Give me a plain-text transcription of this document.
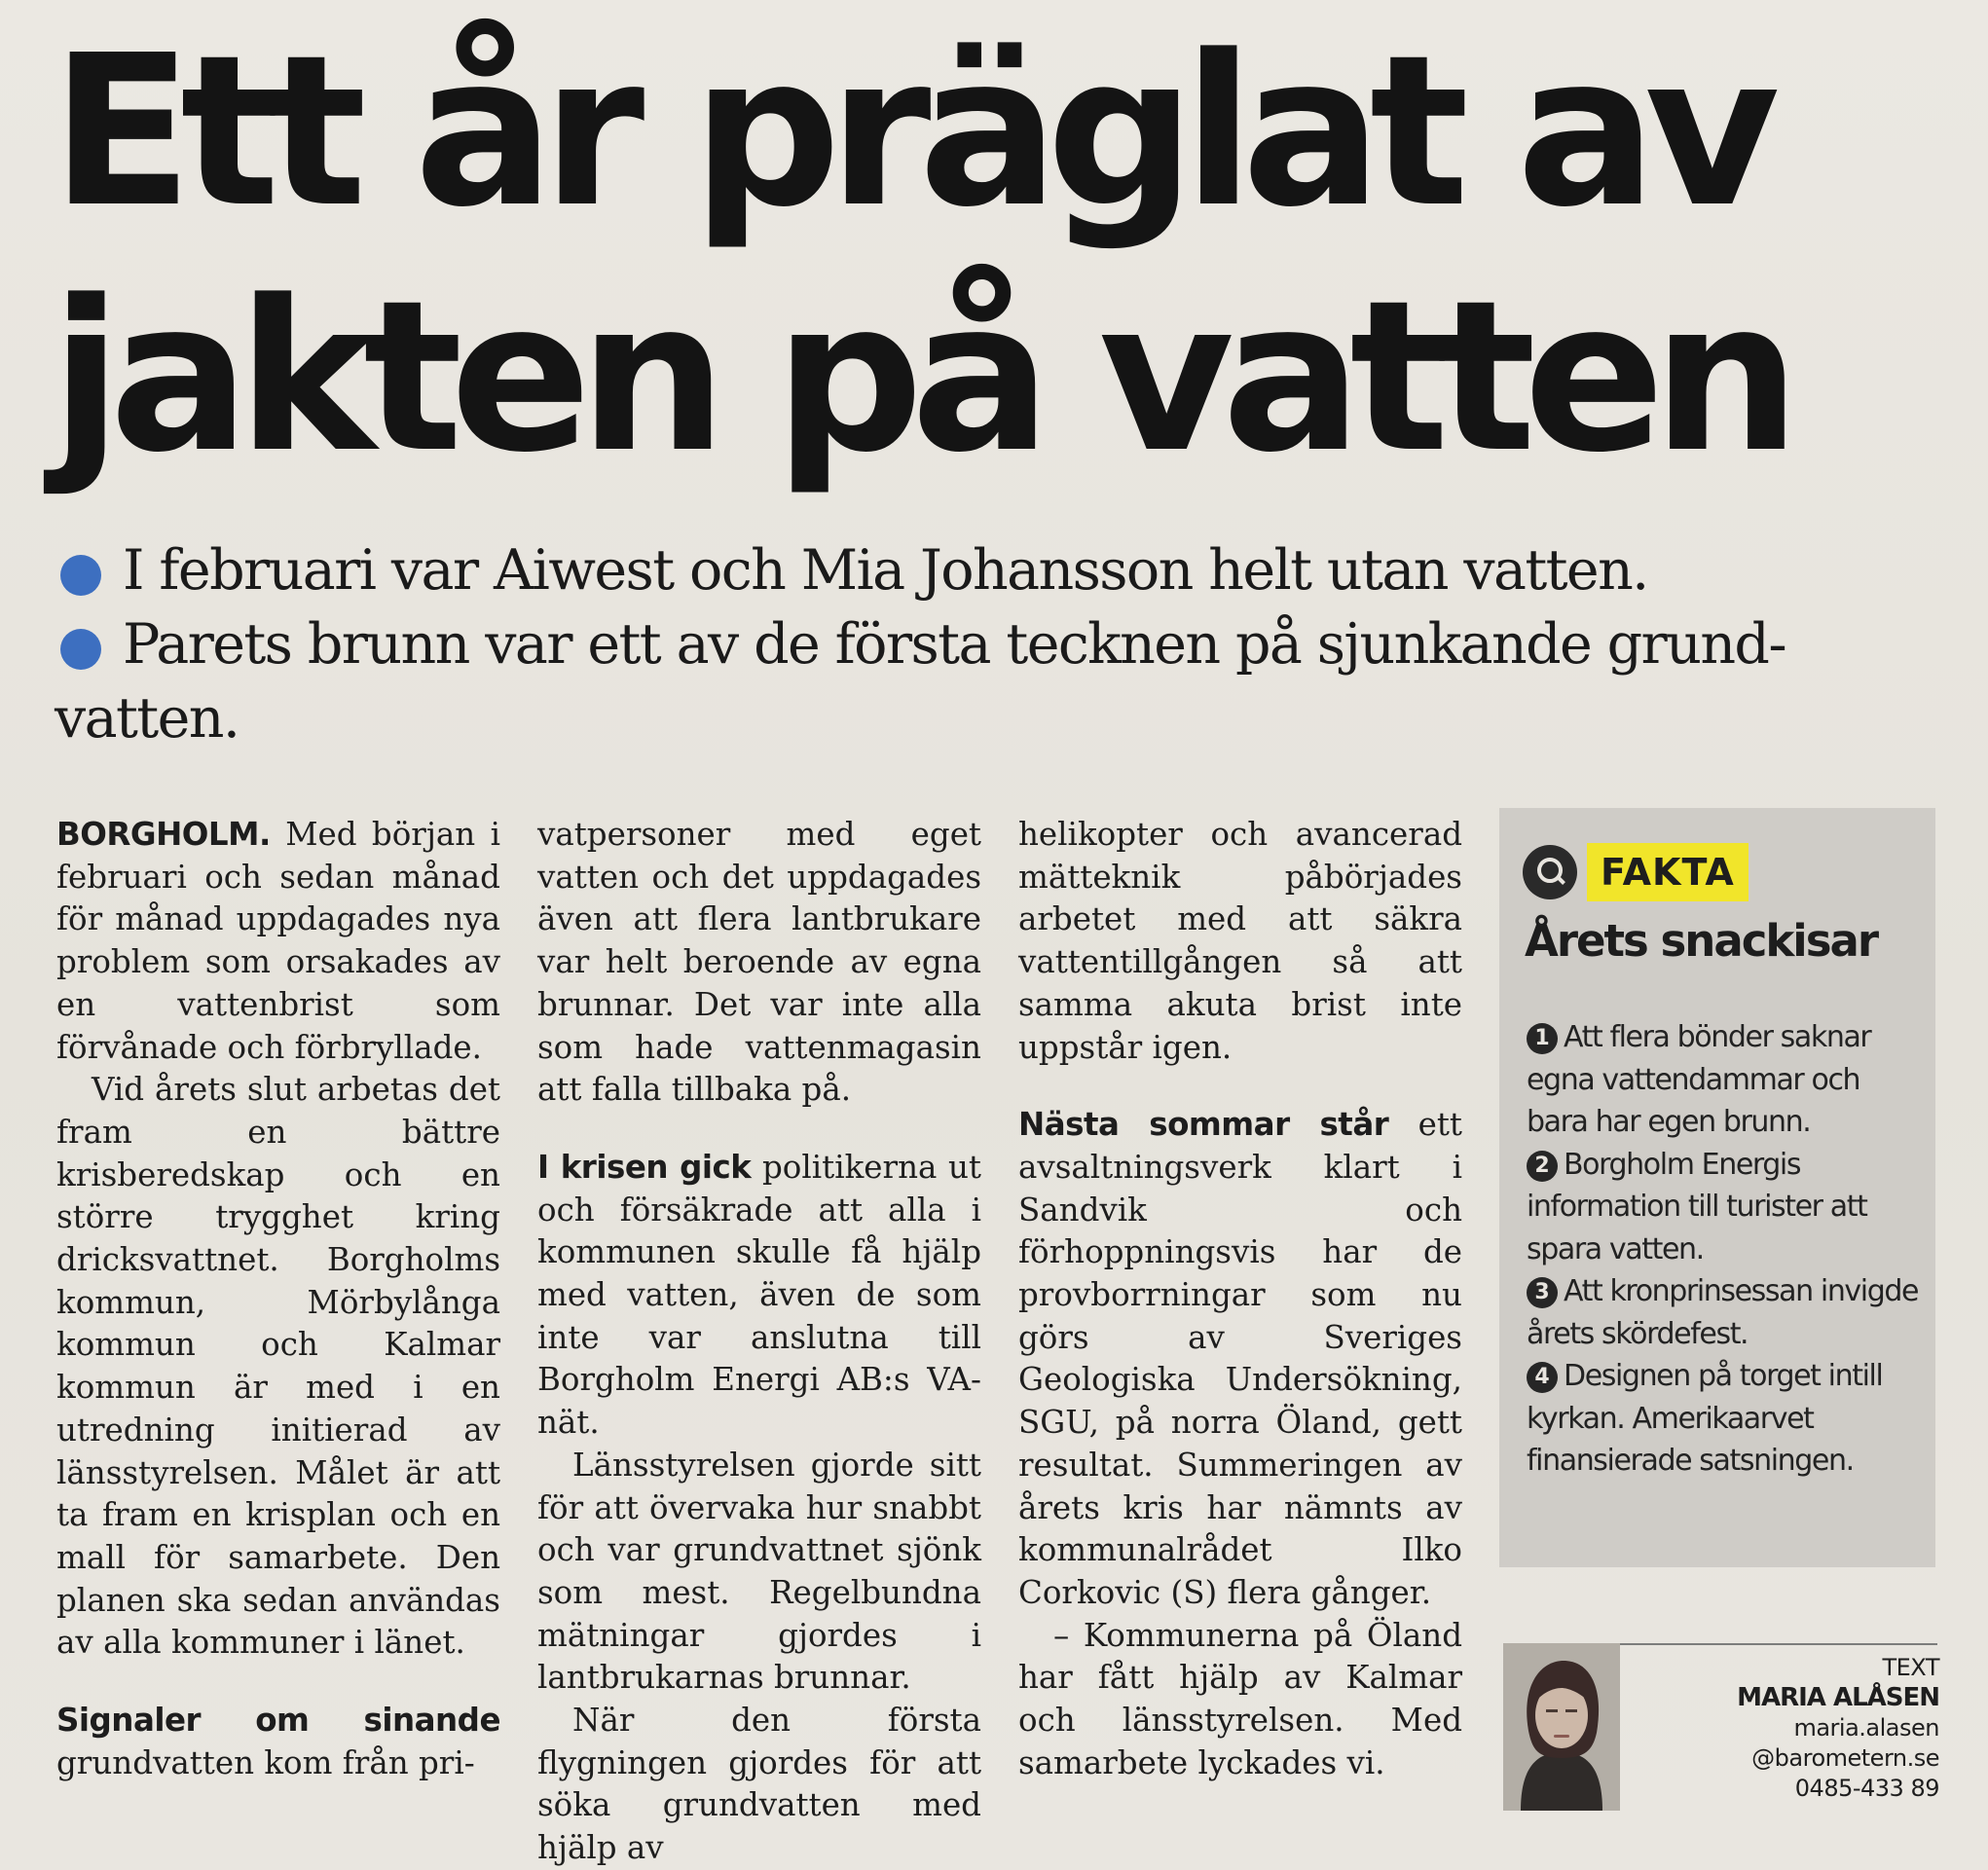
Ett år präglat av
jakten på vatten
I februari var Aiwest och Mia Johansson helt utan vatten.
Parets brunn var ett av de första tecknen på sjunkande grund-
vatten.

BORGHOLM. Med början i februari och sedan månad för månad uppdagades nya problem som orsakades av en vattenbrist som förvånade och förbryllade.

Vid årets slut arbetas det fram en bättre krisberedskap och en större trygghet kring dricksvattnet. Borgholms kommun, Mörbylånga kommun och Kalmar kommun är med i en utredning initierad av länsstyrelsen. Målet är att ta fram en krisplan och en mall för samarbete. Den planen ska sedan användas av alla kommuner i länet.

Signaler om sinande grundvatten kom från pri-

vatpersoner med eget vatten och det uppdagades även att flera lantbrukare var helt beroende av egna brunnar. Det var inte alla som hade vattenmagasin att falla tillbaka på.

I krisen gick politikerna ut och försäkrade att alla i kommunen skulle få hjälp med vatten, även de som inte var anslutna till Borgholm Energi AB:s VA-nät.

Länsstyrelsen gjorde sitt för att övervaka hur snabbt och var grundvattnet sjönk som mest. Regelbundna mätningar gjordes i lantbrukarnas brunnar.

När den första flygningen gjordes för att söka grundvatten med hjälp av

helikopter och avancerad mätteknik påbörjades arbetet med att säkra vattentillgången så att samma akuta brist inte uppstår igen.

Nästa sommar står ett avsaltningsverk klart i Sandvik och förhoppningsvis har de provborrningar som nu görs av Sveriges Geologiska Undersökning, SGU, på norra Öland, gett resultat. Summeringen av årets kris har nämnts av kommunalrådet Ilko Corkovic (S) flera gånger.

– Kommunerna på Öland har fått hjälp av Kalmar och länsstyrelsen. Med samarbete lyckades vi.

FAKTA
Årets snackisar
1 Att flera bönder saknar egna vattendammar och bara har egen brunn.
2 Borgholm Energis information till turister att spara vatten.
3 Att kronprinsessan invigde årets skördefest.
4 Designen på torget intill kyrkan. Amerikaarvet finansierade satsningen.
TEXT
MARIA ALÅSEN
maria.alasen
@barometern.se
0485-433 89
